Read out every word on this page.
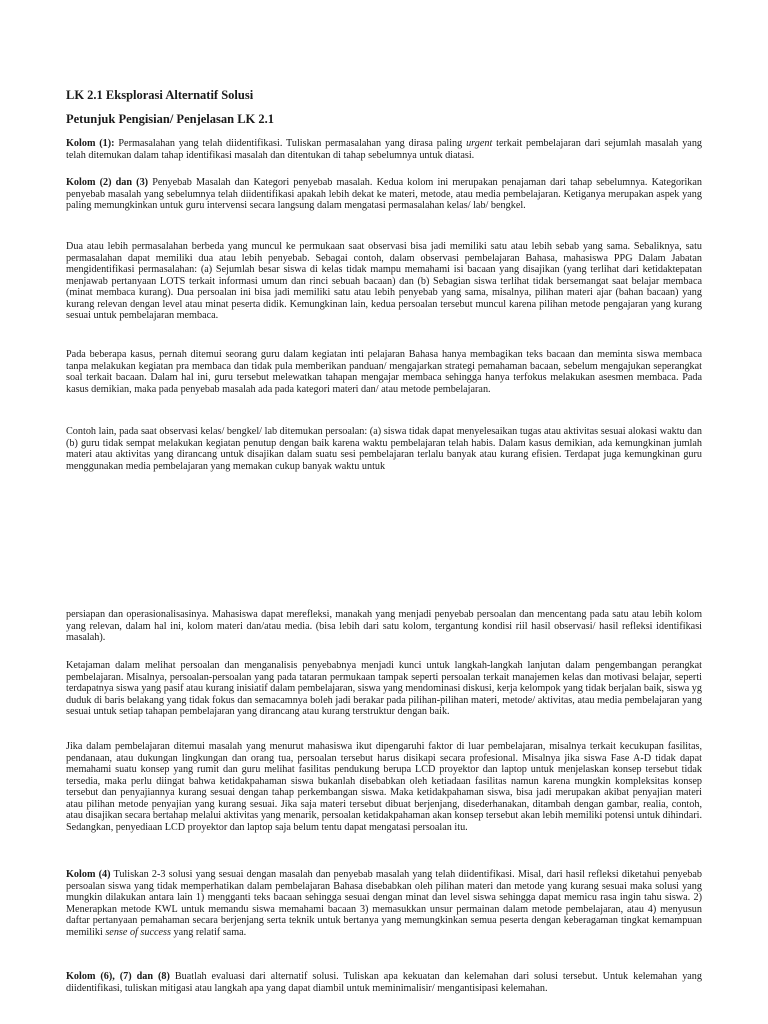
LK 2.1 Eksplorasi Alternatif Solusi
Petunjuk Pengisian/ Penjelasan LK 2.1

Kolom (1): Permasalahan yang telah diidentifikasi. Tuliskan permasalahan yang dirasa paling urgent terkait pembelajaran dari sejumlah masalah yang telah ditemukan dalam tahap identifikasi masalah dan ditentukan di tahap sebelumnya untuk diatasi.

Kolom (2) dan (3) Penyebab Masalah dan Kategori penyebab masalah. Kedua kolom ini merupakan penajaman dari tahap sebelumnya. Kategorikan penyebab masalah yang sebelumnya telah diidentifikasi apakah lebih dekat ke materi, metode, atau media pembelajaran. Ketiganya merupakan aspek yang paling memungkinkan untuk guru intervensi secara langsung dalam mengatasi permasalahan kelas/ lab/ bengkel.

Dua atau lebih permasalahan berbeda yang muncul ke permukaan saat observasi bisa jadi memiliki satu atau lebih sebab yang sama. Sebaliknya, satu permasalahan dapat memiliki dua atau lebih penyebab. Sebagai contoh, dalam observasi pembelajaran Bahasa, mahasiswa PPG Dalam Jabatan mengidentifikasi permasalahan: (a) Sejumlah besar siswa di kelas tidak mampu memahami isi bacaan yang disajikan (yang terlihat dari ketidaktepatan menjawab pertanyaan LOTS terkait informasi umum dan rinci sebuah bacaan) dan (b) Sebagian siswa terlihat tidak bersemangat saat belajar membaca (minat membaca kurang). Dua persoalan ini bisa jadi memiliki satu atau lebih penyebab yang sama, misalnya, pilihan materi ajar (bahan bacaan) yang kurang relevan dengan level atau minat peserta didik. Kemungkinan lain, kedua persoalan tersebut muncul karena pilihan metode pengajaran yang kurang sesuai untuk pembelajaran membaca.

Pada beberapa kasus, pernah ditemui seorang guru dalam kegiatan inti pelajaran Bahasa hanya membagikan teks bacaan dan meminta siswa membaca tanpa melakukan kegiatan pra membaca dan tidak pula memberikan panduan/ mengajarkan strategi pemahaman bacaan, sebelum mengajukan seperangkat soal terkait bacaan. Dalam hal ini, guru tersebut melewatkan tahapan mengajar membaca sehingga hanya terfokus melakukan asesmen membaca. Pada kasus demikian, maka pada penyebab masalah ada pada kategori materi dan/ atau metode pembelajaran.

Contoh lain, pada saat observasi kelas/ bengkel/ lab ditemukan persoalan: (a) siswa tidak dapat menyelesaikan tugas atau aktivitas sesuai alokasi waktu dan (b) guru tidak sempat melakukan kegiatan penutup dengan baik karena waktu pembelajaran telah habis. Dalam kasus demikian, ada kemungkinan jumlah materi atau aktivitas yang dirancang untuk disajikan dalam suatu sesi pembelajaran terlalu banyak atau kurang efisien. Terdapat juga kemungkinan guru menggunakan media pembelajaran yang memakan cukup banyak waktu untuk

persiapan dan operasionalisasinya. Mahasiswa dapat merefleksi, manakah yang menjadi penyebab persoalan dan mencentang pada satu atau lebih kolom yang relevan, dalam hal ini, kolom materi dan/atau media. (bisa lebih dari satu kolom, tergantung kondisi riil hasil observasi/ hasil refleksi identifikasi masalah).

Ketajaman dalam melihat persoalan dan menganalisis penyebabnya menjadi kunci untuk langkah-langkah lanjutan dalam pengembangan perangkat pembelajaran. Misalnya, persoalan-persoalan yang pada tataran permukaan tampak seperti persoalan terkait manajemen kelas dan motivasi belajar, seperti terdapatnya siswa yang pasif atau kurang inisiatif dalam pembelajaran, siswa yang mendominasi diskusi, kerja kelompok yang tidak berjalan baik, siswa yg duduk di baris belakang yang tidak fokus dan semacamnya boleh jadi berakar pada pilihan-pilihan materi, metode/ aktivitas, atau media pembelajaran yang sesuai untuk setiap tahapan pembelajaran yang dirancang atau kurang terstruktur dengan baik.

Jika dalam pembelajaran ditemui masalah yang menurut mahasiswa ikut dipengaruhi faktor di luar pembelajaran, misalnya terkait kecukupan fasilitas, pendanaan, atau dukungan lingkungan dan orang tua, persoalan tersebut harus disikapi secara profesional. Misalnya jika siswa Fase A-D tidak dapat memahami suatu konsep yang rumit dan guru melihat fasilitas pendukung berupa LCD proyektor dan laptop untuk menjelaskan konsep tersebut tidak tersedia, maka perlu diingat bahwa ketidakpahaman siswa bukanlah disebabkan oleh ketiadaan fasilitas namun karena mungkin kompleksitas konsep tersebut dan penyajiannya kurang sesuai dengan tahap perkembangan siswa. Maka ketidakpahaman siswa, bisa jadi merupakan akibat penyajian materi atau pilihan metode penyajian yang kurang sesuai. Jika saja materi tersebut dibuat berjenjang, disederhanakan, ditambah dengan gambar, realia, contoh, atau disajikan secara bertahap melalui aktivitas yang menarik, persoalan ketidakpahaman akan konsep tersebut akan lebih memiliki potensi untuk dihindari. Sedangkan, penyediaan LCD proyektor dan laptop saja belum tentu dapat mengatasi persoalan itu.

Kolom (4) Tuliskan 2-3 solusi yang sesuai dengan masalah dan penyebab masalah yang telah diidentifikasi. Misal, dari hasil refleksi diketahui penyebab persoalan siswa yang tidak memperhatikan dalam pembelajaran Bahasa disebabkan oleh pilihan materi dan metode yang kurang sesuai maka solusi yang mungkin dilakukan antara lain 1) mengganti teks bacaan sehingga sesuai dengan minat dan level siswa sehingga dapat memicu rasa ingin tahu siswa. 2) Menerapkan metode KWL untuk memandu siswa memahami bacaan 3) memasukkan unsur permainan dalam metode pembelajaran, atau 4) menyusun daftar pertanyaan pemahaman secara berjenjang serta teknik untuk bertanya yang memungkinkan semua peserta dengan keberagaman tingkat kemampuan memiliki sense of success yang relatif sama.

Kolom (6), (7) dan (8) Buatlah evaluasi dari alternatif solusi. Tuliskan apa kekuatan dan kelemahan dari solusi tersebut. Untuk kelemahan yang diidentifikasi, tuliskan mitigasi atau langkah apa yang dapat diambil untuk meminimalisir/ mengantisipasi kelemahan.
